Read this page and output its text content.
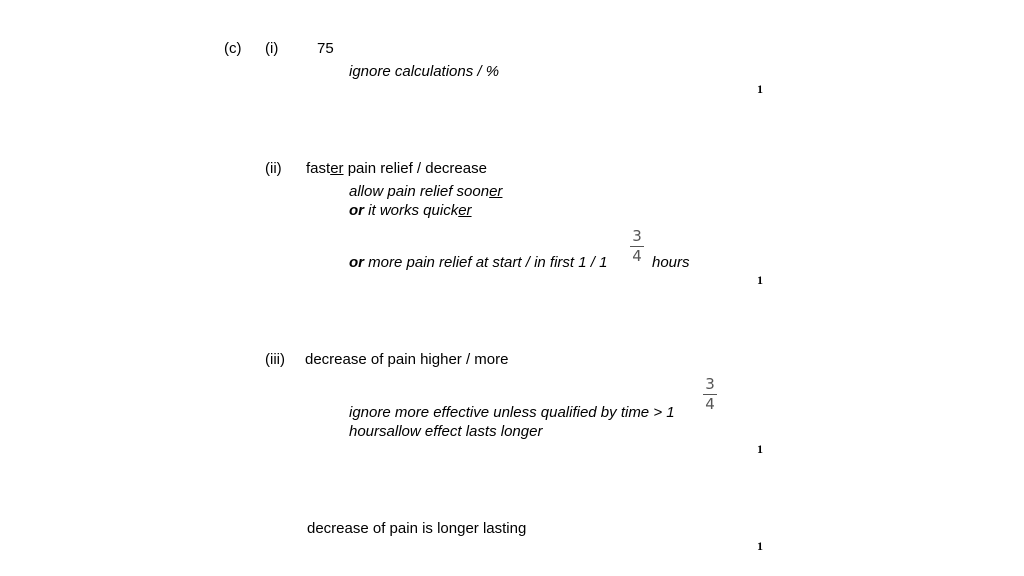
(c) (i)	75
ignore calculations / %
1
(ii) faster pain relief / decrease
allow pain relief sooner
or it works quicker
3
4
or more pain relief at start / in first 1 / 1	hours
1
(iii) decrease of pain higher / more
3
4
ignore more effective unless qualified by time > 1
hoursallow effect lasts longer
1
decrease of pain is longer lasting
1
